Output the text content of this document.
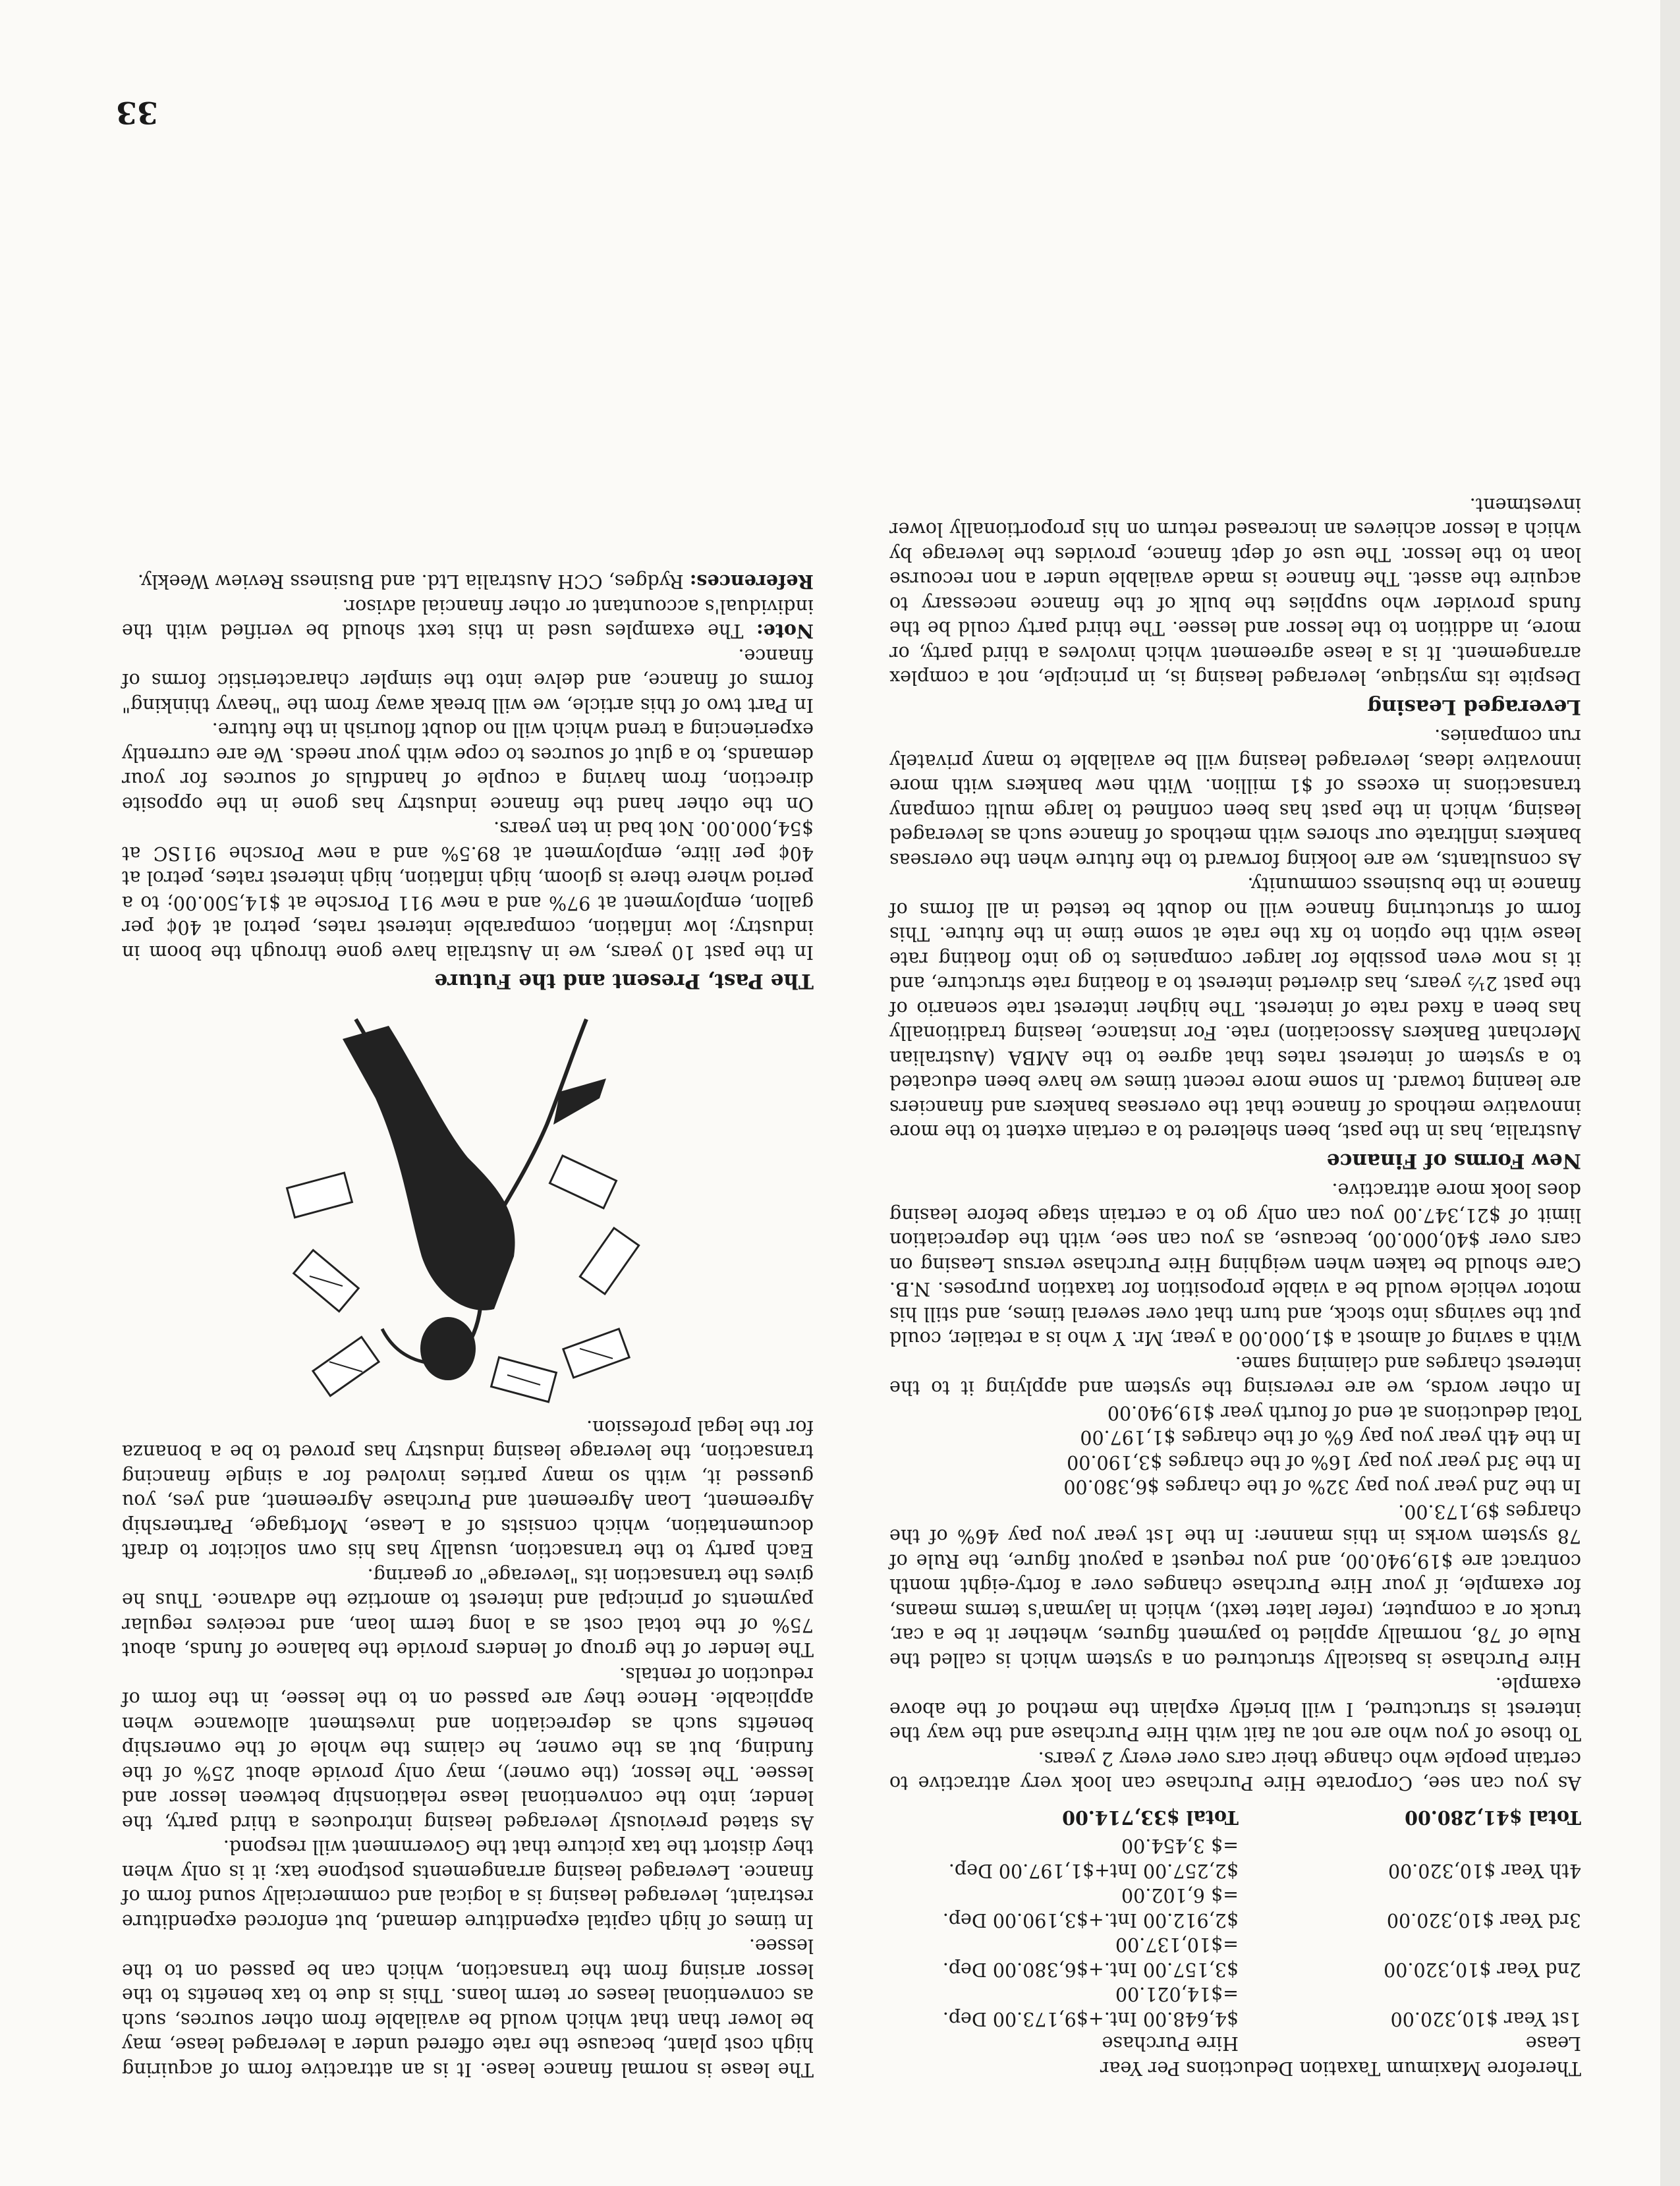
Therefore Maximum Taxation Deductions Per Year

Lease
Hire Purchase
1st Year $10,320.00
$4,648.00 Int.+$9,173.00 Dep.
=$14,021.00
2nd Year $10,320.00
$3,157.00 Int.+$6,380.00 Dep.
=$10,137.00
3rd Year $10,320.00
$2,912.00 Int.+$3,190.00 Dep.
=$ 6,102.00
4th Year $10,320.00
$2,257.00 Int+$1,197.00 Dep.
=$ 3,454.00
Total $41,280.00
Total $33,714.00

As you can see, Corporate Hire Purchase can look very attractive to certain people who change their cars over every 2 years.

To those of you who are not au fait with Hire Purchase and the way the interest is structured, I will briefly explain the method of the above example.

Hire Purchase is basically structured on a system which is called the Rule of 78, normally applied to payment figures, whether it be a car, truck or a computer, (refer later text), which in layman's terms means, for example, if your Hire Purchase changes over a forty-eight month contract are $19,940.00, and you request a payout figure, the Rule of 78 system works in this manner: In the 1st year you pay 46% of the charges $9,173.00.

In the 2nd year you pay 32% of the charges $6,380.00

In the 3rd year you pay 16% of the charges $3,190.00

In the 4th year you pay 6% of the charges $1,197.00

Total deductions at end of fourth year $19,940.00

In other words, we are reversing the system and applying it to the interest charges and claiming same.

With a saving of almost a $1,000.00 a year, Mr. Y who is a retailer, could put the savings into stock, and turn that over several times, and still his motor vehicle would be a viable proposition for taxation purposes. N.B. Care should be taken when weighing Hire Purchase versus Leasing on cars over $40,000.00, because, as you can see, with the depreciation limit of $21,347.00 you can only go to a certain stage before leasing does look more attractive.

New Forms of Finance

Australia, has in the past, been sheltered to a certain extent to the more innovative methods of finance that the overseas bankers and financiers are leaning toward. In some more recent times we have been educated to a system of interest rates that agree to the AMBA (Australian Merchant Bankers Association) rate. For instance, leasing traditionally has been a fixed rate of interest. The higher interest rate scenario of the past 2½ years, has diverted interest to a floating rate structure, and it is now even possible for larger companies to go into floating rate lease with the option to fix the rate at some time in the future. This form of structuring finance will no doubt be tested in all forms of finance in the business community.

As consultants, we are looking forward to the future when the overseas bankers infiltrate our shores with methods of finance such as leveraged leasing, which in the past has been confined to large multi company transactions in excess of $1 million. With new bankers with more innovative ideas, leveraged leasing will be available to many privately run companies.

Leveraged Leasing

Despite its mystique, leveraged leasing is, in principle, not a complex arrangement. It is a lease agreement which involves a third party, or more, in addition to the lessor and lessee. The third party could be the funds provider who supplies the bulk of the finance necessary to acquire the asset. The finance is made available under a non recourse loan to the lessor. The use of dept finance, provides the leverage by which a lessor achieves an increased return on his proportionally lower investment.

The lease is normal finance lease. It is an attractive form of acquiring high cost plant, because the rate offered under a leveraged lease, may be lower than that which would be available from other sources, such as conventional leases or term loans. This is due to tax benefits to the lessor arising from the transaction, which can be passed on to the lessee.

In times of high capital expenditure demand, but enforced expenditure restraint, leveraged leasing is a logical and commercially sound form of finance. Leveraged leasing arrangements postpone tax; it is only when they distort the tax picture that the Government will respond.

As stated previously leveraged leasing introduces a third party, the lender, into the conventional lease relationship between lessor and lessee. The lessor, (the owner), may only provide about 25% of the funding, but as the owner, he claims the whole of the ownership benefits such as depreciation and investment allowance when applicable. Hence they are passed on to the lessee, in the form of reduction of rentals.

The lender of the group of lenders provide the balance of funds, about 75% of the total cost as a long term loan, and receives regular payments of principal and interest to amortize the advance. Thus he gives the transaction its "leverage" or gearing.

Each party to the transaction, usually has his own solicitor to draft documentation, which consists of a Lease, Mortgage, Partnership Agreement, Loan Agreement and Purchase Agreement, and yes, you guessed it, with so many parties involved for a single financing transaction, the leverage leasing industry has proved to be a bonanza for the legal profession.

The Past, Present and the Future

In the past 10 years, we in Australia have gone through the boom in industry; low inflation, comparable interest rates, petrol at 40¢ per gallon, employment at 97% and a new 911 Porsche at $14,500.00; to a period where there is gloom, high inflation, high interest rates, petrol at 40¢ per litre, employment at 89.5% and a new Porsche 911SC at $54,000.00. Not bad in ten years.

On the other hand the finance industry has gone in the opposite direction, from having a couple of handfuls of sources for your demands, to a glut of sources to cope with your needs. We are currently experiencing a trend which will no doubt flourish in the future.

In Part two of this article, we will break away from the "heavy thinking" forms of finance, and delve into the simpler characteristic forms of finance.

Note: The examples used in this text should be verified with the individual's accountant or other financial advisor.

References: Rydges, CCH Australia Ltd. and Business Review Weekly.

33
